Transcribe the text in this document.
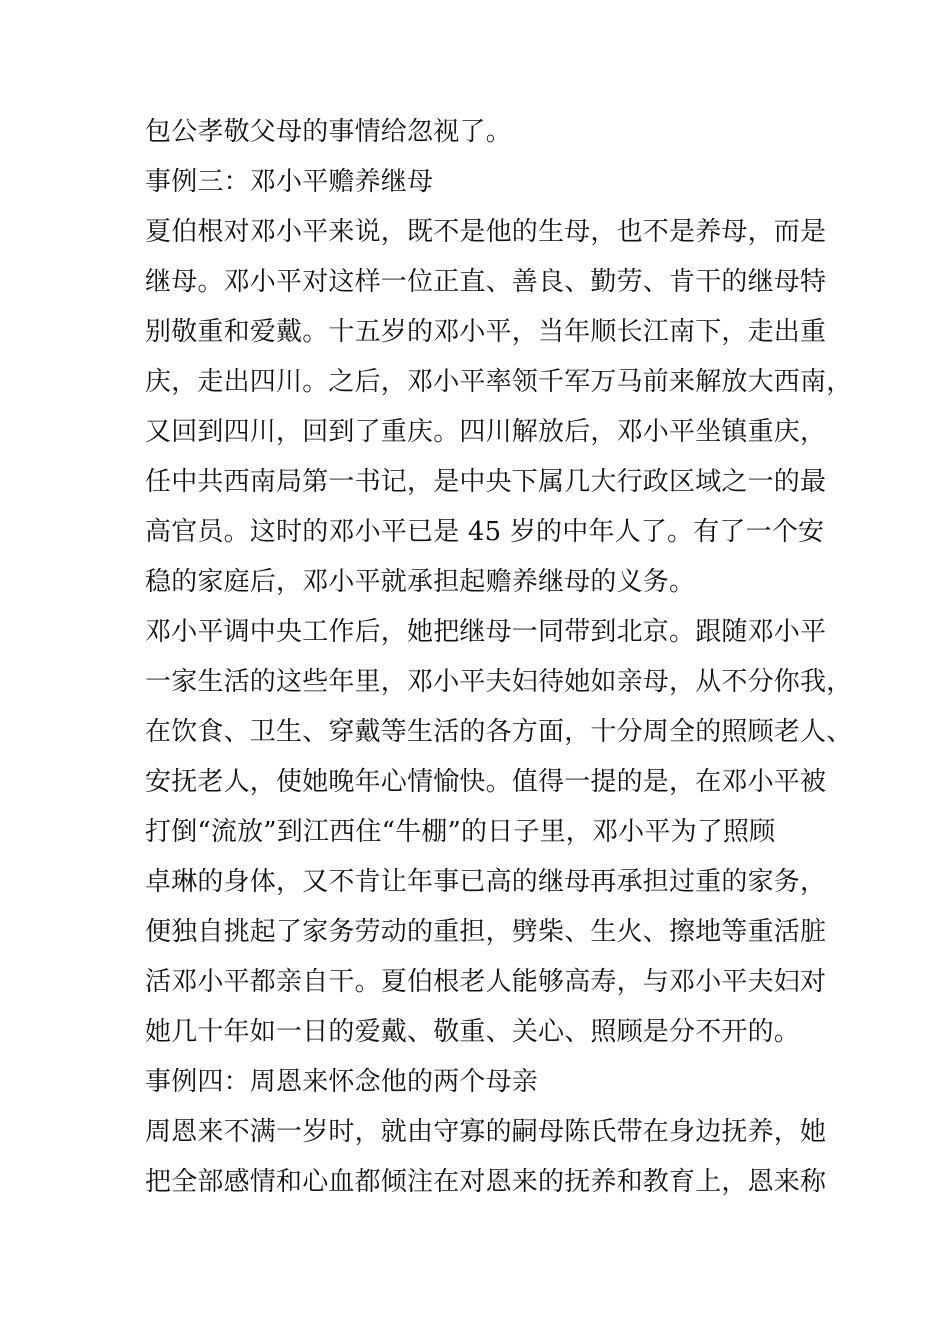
包公孝敬父母的事情给忽视了。
事例三：邓小平赡养继母
夏伯根对邓小平来说，既不是他的生母，也不是养母，而是
继母。邓小平对这样一位正直、善良、勤劳、肯干的继母特
别敬重和爱戴。十五岁的邓小平，当年顺长江南下，走出重
庆，走出四川。之后，邓小平率领千军万马前来解放大西南，
又回到四川，回到了重庆。四川解放后，邓小平坐镇重庆，
任中共西南局第一书记，是中央下属几大行政区域之一的最
高官员。这时的邓小平已是 45 岁的中年人了。有了一个安
稳的家庭后，邓小平就承担起赡养继母的义务。
邓小平调中央工作后，她把继母一同带到北京。跟随邓小平
一家生活的这些年里，邓小平夫妇待她如亲母，从不分你我，
在饮食、卫生、穿戴等生活的各方面，十分周全的照顾老人、
安抚老人，使她晚年心情愉快。值得一提的是，在邓小平被
打倒“流放”到江西住“牛棚”的日子里，邓小平为了照顾
卓琳的身体，又不肯让年事已高的继母再承担过重的家务，
便独自挑起了家务劳动的重担，劈柴、生火、擦地等重活脏
活邓小平都亲自干。夏伯根老人能够高寿，与邓小平夫妇对
她几十年如一日的爱戴、敬重、关心、照顾是分不开的。
事例四：周恩来怀念他的两个母亲
周恩来不满一岁时，就由守寡的嗣母陈氏带在身边抚养，她
把全部感情和心血都倾注在对恩来的抚养和教育上，恩来称
